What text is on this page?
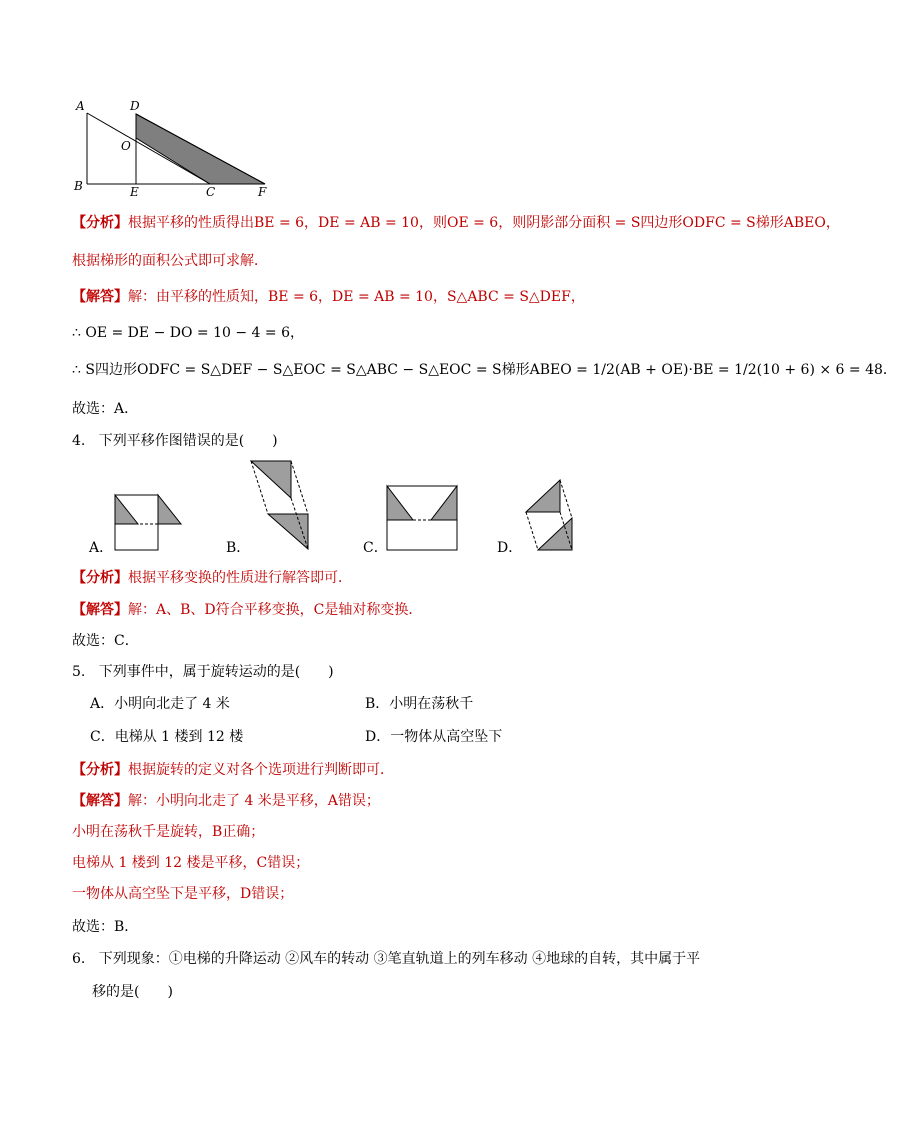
A	D
O
B	E	C	F
【分析】根据平移的性质得出BE = 6，DE = AB = 10，则OE = 6，则阴影部分面积 = S四边形ODFC = S梯形ABEO，
根据梯形的面积公式即可求解．
【解答】解：由平移的性质知，BE = 6，DE = AB = 10，S△ABC = S△DEF，
∴ OE = DE − DO = 10 − 4 = 6，
∴ S四边形ODFC = S△DEF − S△EOC = S△ABC − S△EOC = S梯形ABEO = 1/2(AB + OE)·BE = 1/2(10 + 6) × 6 = 48．
故选：A．
4. 下列平移作图错误的是(　　)
A．	B．	C．	D．
【分析】根据平移变换的性质进行解答即可．
【解答】解：A、B、D符合平移变换，C是轴对称变换．
故选：C．
5. 下列事件中，属于旋转运动的是(　　)
A．小明向北走了 4 米	B．小明在荡秋千
C．电梯从 1 楼到 12 楼	D．一物体从高空坠下
【分析】根据旋转的定义对各个选项进行判断即可．
【解答】解：小明向北走了 4 米是平移，A错误；
小明在荡秋千是旋转，B正确；
电梯从 1 楼到 12 楼是平移，C错误；
一物体从高空坠下是平移，D错误；
故选：B．
6. 下列现象：①电梯的升降运动 ②风车的转动 ③笔直轨道上的列车移动 ④地球的自转，其中属于平
移的是(　　)
